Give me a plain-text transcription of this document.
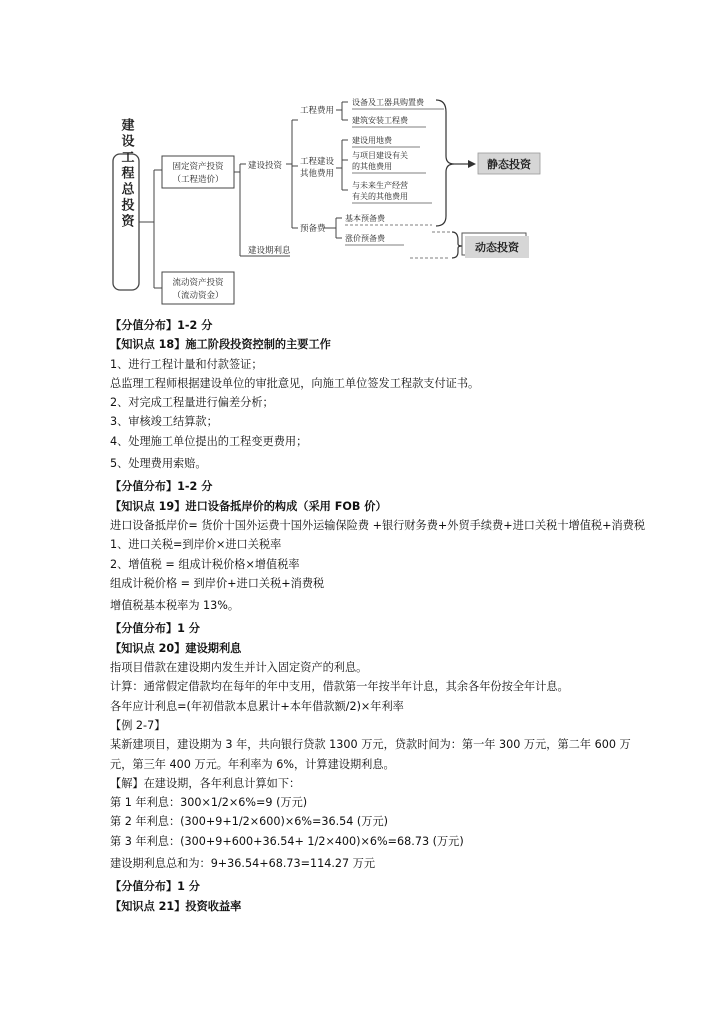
建设工程总投资	固定资产投资
（工程造价）
流动资产投资
（流动资金）
建设投资
建设期利息
工程费用
工程建设
其他费用
预备费
设备及工器具购置费
建筑安装工程费
建设用地费
与项目建设有关
的其他费用
与未来生产经营
有关的其他费用
基本预备费
涨价预备费
静态投资
动态投资

【分值分布】1-2 分

【知识点 18】施工阶段投资控制的主要工作

1、进行工程计量和付款签证；

总监理工程师根据建设单位的审批意见，向施工单位签发工程款支付证书。

2、对完成工程量进行偏差分析；

3、审核竣工结算款；

4、处理施工单位提出的工程变更费用；

5、处理费用索赔。

【分值分布】1-2 分

【知识点 19】进口设备抵岸价的构成（采用 FOB 价）

进口设备抵岸价= 货价十国外运费十国外运输保险费 +银行财务费+外贸手续费+进口关税十增值税+消费税

1、进口关税=到岸价×进口关税率

2、增值税 = 组成计税价格×增值税率

组成计税价格 = 到岸价+进口关税+消费税

增值税基本税率为 13%。

【分值分布】1 分

【知识点 20】建设期利息

指项目借款在建设期内发生并计入固定资产的利息。

计算：通常假定借款均在每年的年中支用，借款第一年按半年计息，其余各年份按全年计息。

各年应计利息=(年初借款本息累计+本年借款额/2)×年利率

【例 2-7】

某新建项目，建设期为 3 年，共向银行贷款 1300 万元，贷款时间为：第一年 300 万元，第二年 600 万元，第三年 400 万元。年利率为 6%，计算建设期利息。

【解】在建设期，各年利息计算如下：

第 1 年利息：300×1/2×6%=9 (万元)

第 2 年利息：(300+9+1/2×600)×6%=36.54 (万元)

第 3 年利息：(300+9+600+36.54+ 1/2×400)×6%=68.73 (万元)

建设期利息总和为：9+36.54+68.73=114.27 万元

【分值分布】1 分

【知识点 21】投资收益率
